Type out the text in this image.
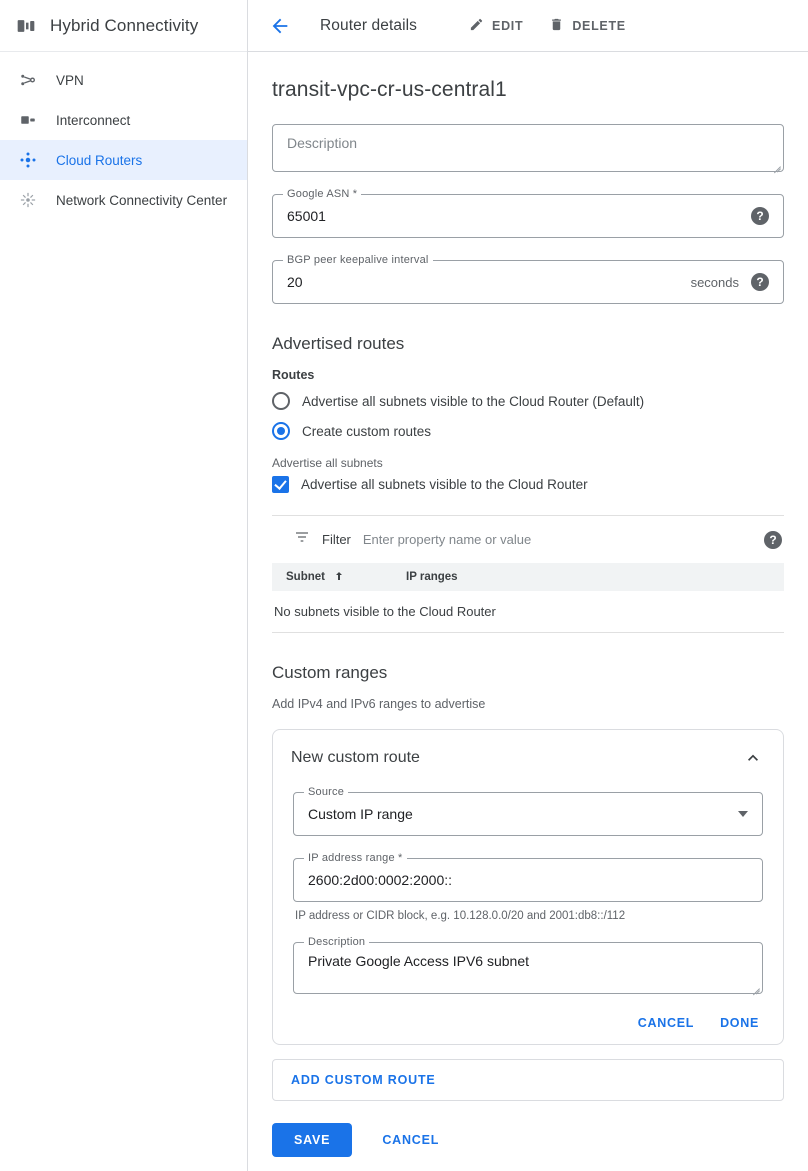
Hybrid Connectivity
VPN
Interconnect
Cloud Routers
Network Connectivity Center
Router details	EDIT	DELETE
transit-vpc-cr-us-central1
Description
Google ASN *
65001	?
BGP peer keepalive interval
20	seconds	?
Advertised routes
Routes
Advertise all subnets visible to the Cloud Router (Default)
Create custom routes
Advertise all subnets
Advertise all subnets visible to the Cloud Router
Filter Enter property name or value	?
Subnet	IP ranges
No subnets visible to the Cloud Router
Custom ranges
Add IPv4 and IPv6 ranges to advertise
New custom route
Source
Custom IP range
IP address range *
2600:2d00:0002:2000::
IP address or CIDR block, e.g. 10.128.0.0/20 and 2001:db8::/112
Description
Private Google Access IPV6 subnet
CANCEL DONE
ADD CUSTOM ROUTE
SAVE	CANCEL
